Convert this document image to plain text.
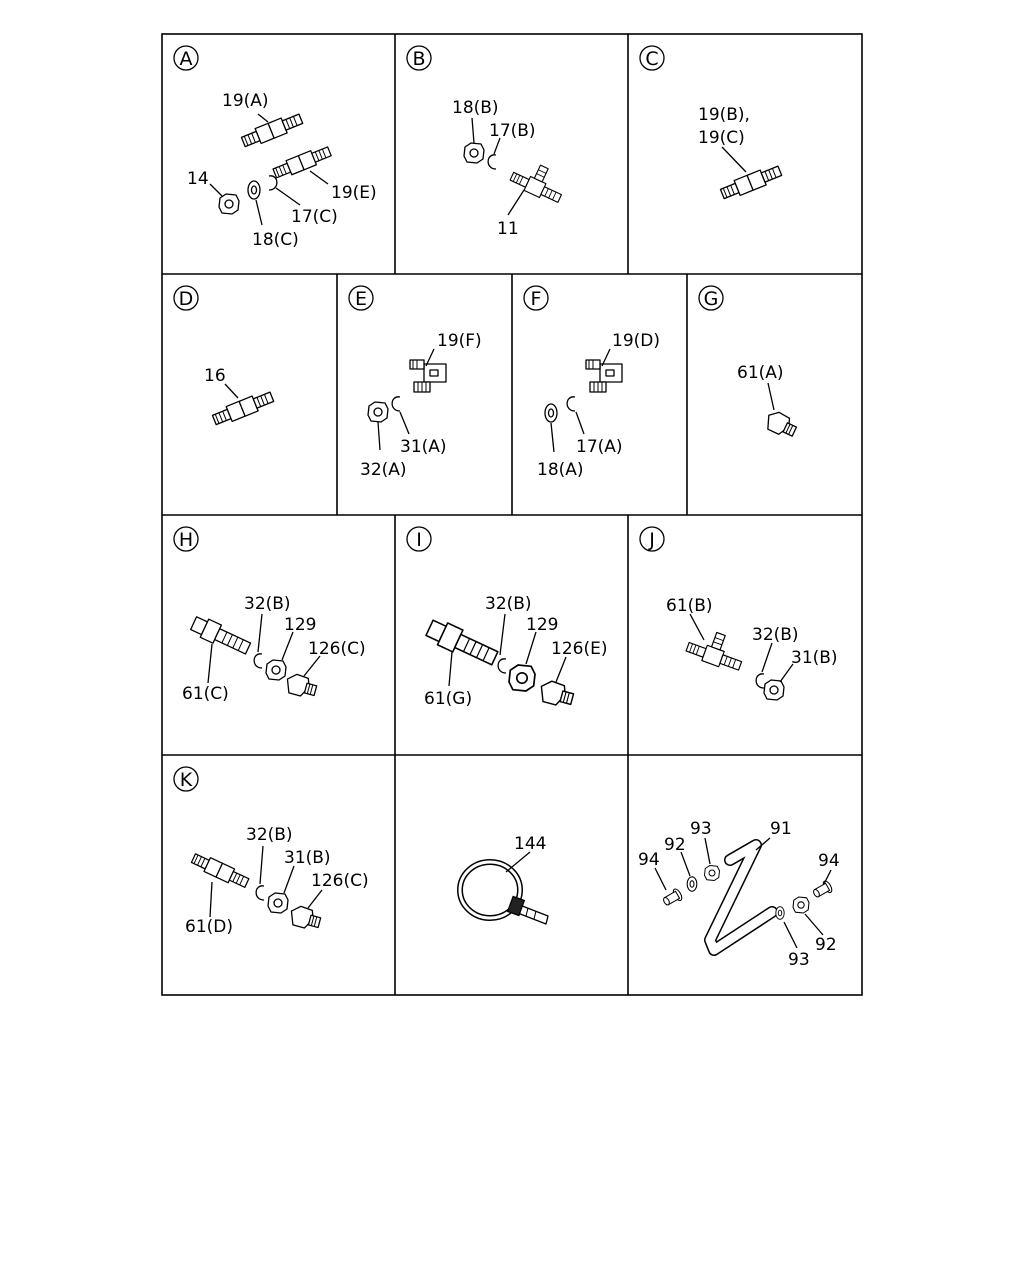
A
19(A)
14
19(E)
17(C)
18(C)
B
18(B)
17(B)
11
C
19(B),
19(C)
D
16
E
19(F)
31(A)
32(A)
F
19(D)
17(A)
18(A)
G
61(A)
H
32(B)
129
126(C)
61(C)
I
32(B)
129
126(E)
61(G)
J
61(B)
32(B)
31(B)
K
32(B)
31(B)
126(C)
61(D)
144
94
92
93	91
94
93
92
